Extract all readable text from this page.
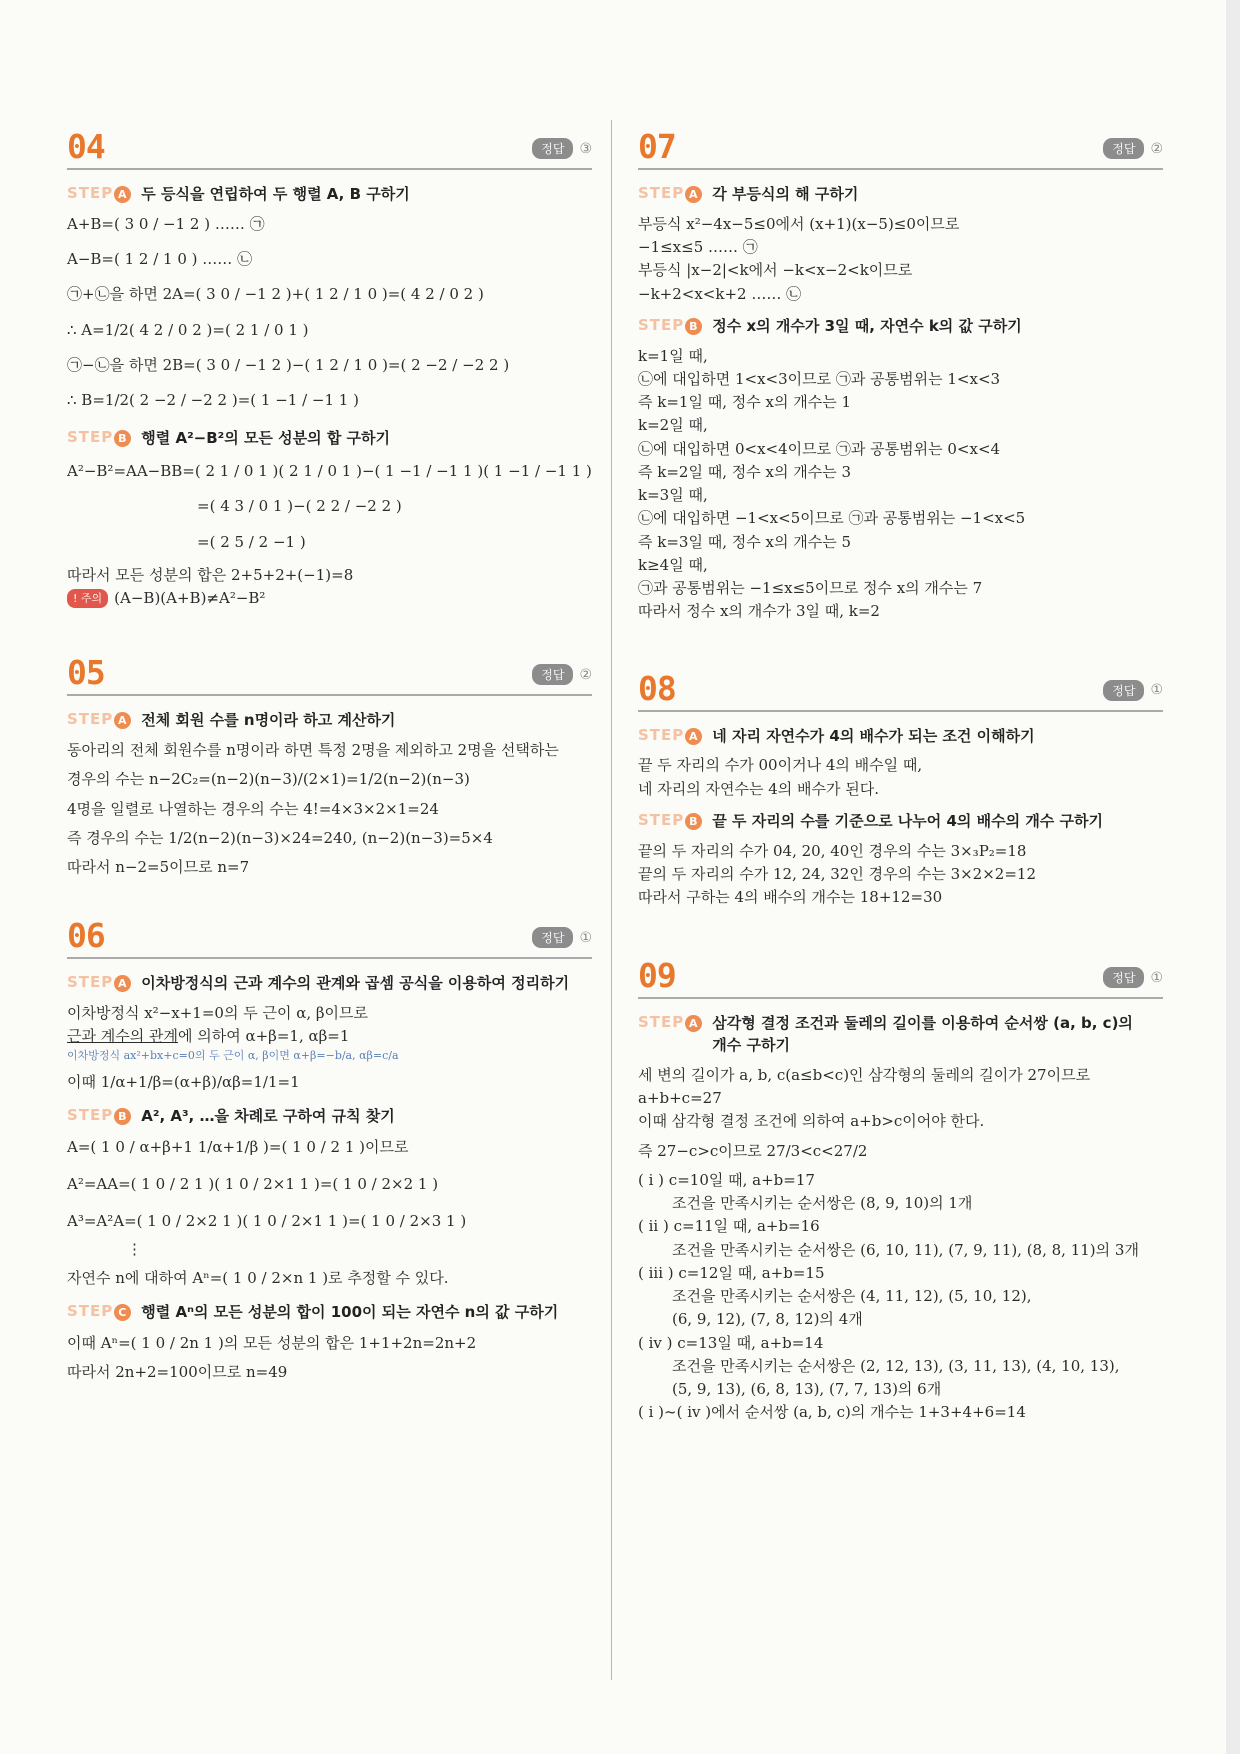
04	정답	③
STEP A 두 등식을 연립하여 두 행렬 A, B 구하기
A+B=( 3 0 / −1 2 ) …… ㉠
A−B=( 1 2 / 1 0 ) …… ㉡
㉠+㉡을 하면 2A=( 3 0 / −1 2 )+( 1 2 / 1 0 )=( 4 2 / 0 2 )
∴ A=1/2( 4 2 / 0 2 )=( 2 1 / 0 1 )
㉠−㉡을 하면 2B=( 3 0 / −1 2 )−( 1 2 / 1 0 )=( 2 −2 / −2 2 )
∴ B=1/2( 2 −2 / −2 2 )=( 1 −1 / −1 1 )
STEP B 행렬 A²−B²의 모든 성분의 합 구하기
A²−B²=AA−BB=( 2 1 / 0 1 )( 2 1 / 0 1 )−( 1 −1 / −1 1 )( 1 −1 / −1 1 )
=( 4 3 / 0 1 )−( 2 2 / −2 2 )
=( 2 5 / 2 −1 )
따라서 모든 성분의 합은 2+5+2+(−1)=8
! 주의 (A−B)(A+B)≠A²−B²
05	정답	②
STEP A 전체 회원 수를 n명이라 하고 계산하기
동아리의 전체 회원수를 n명이라 하면 특정 2명을 제외하고 2명을 선택하는
경우의 수는 n−2C₂=(n−2)(n−3)/(2×1)=1/2(n−2)(n−3)
4명을 일렬로 나열하는 경우의 수는 4!=4×3×2×1=24
즉 경우의 수는 1/2(n−2)(n−3)×24=240, (n−2)(n−3)=5×4
따라서 n−2=5이므로 n=7
06	정답	①
STEP A 이차방정식의 근과 계수의 관계와 곱셈 공식을 이용하여 정리하기
이차방정식 x²−x+1=0의 두 근이 α, β이므로
근과 계수의 관계에 의하여 α+β=1, αβ=1
이차방정식 ax²+bx+c=0의 두 근이 α, β이면 α+β=−b/a, αβ=c/a
이때 1/α+1/β=(α+β)/αβ=1/1=1
STEP B A², A³, …을 차례로 구하여 규칙 찾기
A=( 1 0 / α+β+1 1/α+1/β )=( 1 0 / 2 1 )이므로
A²=AA=( 1 0 / 2 1 )( 1 0 / 2×1 1 )=( 1 0 / 2×2 1 )
A³=A²A=( 1 0 / 2×2 1 )( 1 0 / 2×1 1 )=( 1 0 / 2×3 1 )
⋮
자연수 n에 대하여 Aⁿ=( 1 0 / 2×n 1 )로 추정할 수 있다.
STEP C 행렬 Aⁿ의 모든 성분의 합이 100이 되는 자연수 n의 값 구하기
이때 Aⁿ=( 1 0 / 2n 1 )의 모든 성분의 합은 1+1+2n=2n+2
따라서 2n+2=100이므로 n=49
07	정답	②
STEP A 각 부등식의 해 구하기
부등식 x²−4x−5≤0에서 (x+1)(x−5)≤0이므로
−1≤x≤5 …… ㉠
부등식 |x−2|<k에서 −k<x−2<k이므로
−k+2<x<k+2 …… ㉡
STEP B 정수 x의 개수가 3일 때, 자연수 k의 값 구하기
k=1일 때,
㉡에 대입하면 1<x<3이므로 ㉠과 공통범위는 1<x<3
즉 k=1일 때, 정수 x의 개수는 1
k=2일 때,
㉡에 대입하면 0<x<4이므로 ㉠과 공통범위는 0<x<4
즉 k=2일 때, 정수 x의 개수는 3
k=3일 때,
㉡에 대입하면 −1<x<5이므로 ㉠과 공통범위는 −1<x<5
즉 k=3일 때, 정수 x의 개수는 5
k≥4일 때,
㉠과 공통범위는 −1≤x≤5이므로 정수 x의 개수는 7
따라서 정수 x의 개수가 3일 때, k=2
08	정답	①
STEP A 네 자리 자연수가 4의 배수가 되는 조건 이해하기
끝 두 자리의 수가 00이거나 4의 배수일 때,
네 자리의 자연수는 4의 배수가 된다.
STEP B 끝 두 자리의 수를 기준으로 나누어 4의 배수의 개수 구하기
끝의 두 자리의 수가 04, 20, 40인 경우의 수는 3×₃P₂=18
끝의 두 자리의 수가 12, 24, 32인 경우의 수는 3×2×2=12
따라서 구하는 4의 배수의 개수는 18+12=30
09	정답	①
STEP A 삼각형 결정 조건과 둘레의 길이를 이용하여 순서쌍 (a, b, c)의 개수 구하기
세 변의 길이가 a, b, c(a≤b<c)인 삼각형의 둘레의 길이가 27이므로
a+b+c=27
이때 삼각형 결정 조건에 의하여 a+b>c이어야 한다.
즉 27−c>c이므로 27/3<c<27/2
( i ) c=10일 때, a+b=17
조건을 만족시키는 순서쌍은 (8, 9, 10)의 1개
( ii ) c=11일 때, a+b=16
조건을 만족시키는 순서쌍은 (6, 10, 11), (7, 9, 11), (8, 8, 11)의 3개
( iii ) c=12일 때, a+b=15
조건을 만족시키는 순서쌍은 (4, 11, 12), (5, 10, 12),
(6, 9, 12), (7, 8, 12)의 4개
( iv ) c=13일 때, a+b=14
조건을 만족시키는 순서쌍은 (2, 12, 13), (3, 11, 13), (4, 10, 13),
(5, 9, 13), (6, 8, 13), (7, 7, 13)의 6개
( i )~( iv )에서 순서쌍 (a, b, c)의 개수는 1+3+4+6=14
